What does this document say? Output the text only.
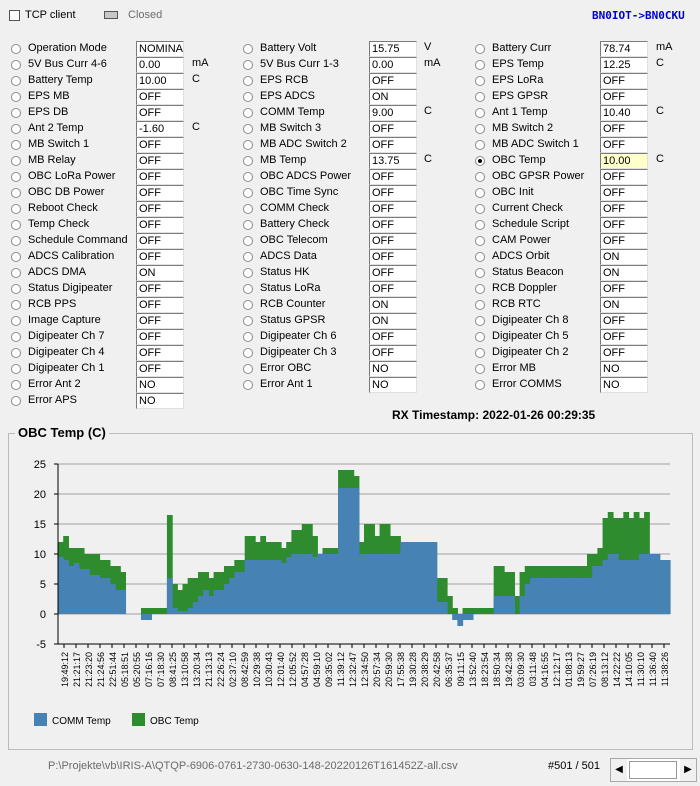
TCP client	Closed	BN0IOT->BN0CKU
Operation Mode	NOMINA
5V Bus Curr 4-6	0.00	mA
Battery Temp	10.00	C
EPS MB	OFF
EPS DB	OFF
Ant 2 Temp	-1.60	C
MB Switch 1	OFF
MB Relay	OFF
OBC LoRa Power OFF
OBC DB Power	OFF
Reboot Check	OFF
Temp Check	OFF
Schedule Command OFF
ADCS Calibration OFF
ADCS DMA	ON
Status Digipeater OFF
RCB PPS	OFF
Image Capture	OFF
Digipeater Ch 7	OFF
Digipeater Ch 4	OFF
Digipeater Ch 1	OFF
Error Ant 2	NO
Error APS	NO
Battery Volt	15.75	V
5V Bus Curr 1-3	0.00	mA
EPS RCB	OFF
EPS ADCS	ON
COMM Temp	9.00	C
MB Switch 3	OFF
MB ADC Switch 2 OFF
MB Temp	13.75	C
OBC ADCS Power OFF
OBC Time Sync	OFF
COMM Check	OFF
Battery Check	OFF
OBC Telecom	OFF
ADCS Data	OFF
Status HK	OFF
Status LoRa	OFF
RCB Counter	ON
Status GPSR	ON
Digipeater Ch 6	OFF
Digipeater Ch 3	OFF
Error OBC	NO
Error Ant 1	NO
Battery Curr	78.74	mA
EPS Temp	12.25	C
EPS LoRa	OFF
EPS GPSR	OFF
Ant 1 Temp	10.40	C
MB Switch 2	OFF
MB ADC Switch 1 OFF
OBC Temp	10.00	C
OBC GPSR Power OFF
OBC Init	OFF
Current Check	OFF
Schedule Script	OFF
CAM Power	OFF
ADCS Orbit	ON
Status Beacon	ON
RCB Doppler	OFF
RCB RTC	ON
Digipeater Ch 8	OFF
Digipeater Ch 5	OFF
Digipeater Ch 2	OFF
Error MB	NO
Error COMMS	NO
RX Timestamp: 2022-01-26 00:29:35
OBC Temp (C)
-5
0
5
10
15
20
25
19:49:12 21:21:17 21:23:20 21:24:56 22:51:44 05:18:51 05:20:55 07:16:16 07:18:30 08:41:25 13:10:58 13:20:34 21:13:13 22:26:24 02:37:10 08:42:59 10:29:38 10:30:43 12:01:40 12:05:52 04:57:28 04:59:10 09:35:02 11:39:12 12:32:47 12:34:50 20:57:34 20:59:30 17:55:38 19:30:28 20:38:29 20:42:58 06:35:37 09:11:15 13:52:40 18:23:54 18:50:34 19:42:38 03:09:30 03:11:48 04:16:55 12:12:17 01:08:13 19:59:27 07:26:19 08:13:12 14:22:22 14:10:05 11:30:10 11:36:40 11:38:26
COMM Temp	OBC Temp
P:\Projekte\vb\IRIS-A\QTQP-6906-0761-2730-0630-148-20220126T161452Z-all.csv	#501 / 501	◀	▶
